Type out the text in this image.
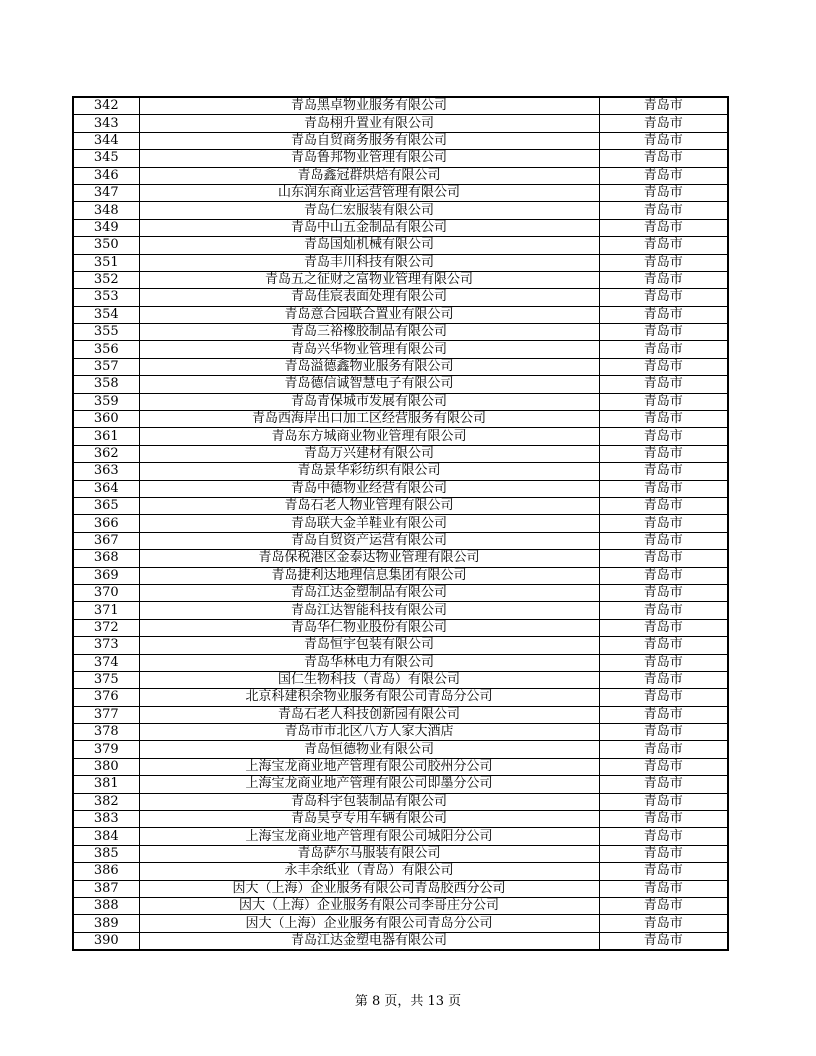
342	青岛黑卓物业服务有限公司	青岛市
343	青岛栩升置业有限公司	青岛市
344	青岛自贸商务服务有限公司	青岛市
345	青岛鲁邦物业管理有限公司	青岛市
346	青岛鑫冠群烘焙有限公司	青岛市
347	山东润东商业运营管理有限公司	青岛市
348	青岛仁宏服装有限公司	青岛市
349	青岛中山五金制品有限公司	青岛市
350	青岛国灿机械有限公司	青岛市
351	青岛丰川科技有限公司	青岛市
352	青岛五之征财之富物业管理有限公司	青岛市
353	青岛佳宸表面处理有限公司	青岛市
354	青岛意合园联合置业有限公司	青岛市
355	青岛三裕橡胶制品有限公司	青岛市
356	青岛兴华物业管理有限公司	青岛市
357	青岛溢德鑫物业服务有限公司	青岛市
358	青岛德信诚智慧电子有限公司	青岛市
359	青岛青保城市发展有限公司	青岛市
360	青岛西海岸出口加工区经营服务有限公司	青岛市
361	青岛东方城商业物业管理有限公司	青岛市
362	青岛万兴建材有限公司	青岛市
363	青岛景华彩纺织有限公司	青岛市
364	青岛中德物业经营有限公司	青岛市
365	青岛石老人物业管理有限公司	青岛市
366	青岛联大金羊鞋业有限公司	青岛市
367	青岛自贸资产运营有限公司	青岛市
368	青岛保税港区金泰达物业管理有限公司	青岛市
369	青岛捷利达地理信息集团有限公司	青岛市
370	青岛江达金塑制品有限公司	青岛市
371	青岛江达智能科技有限公司	青岛市
372	青岛华仁物业股份有限公司	青岛市
373	青岛恒宇包装有限公司	青岛市
374	青岛华林电力有限公司	青岛市
375	国仁生物科技（青岛）有限公司	青岛市
376	北京科建积余物业服务有限公司青岛分公司	青岛市
377	青岛石老人科技创新园有限公司	青岛市
378	青岛市市北区八方人家大酒店	青岛市
379	青岛恒德物业有限公司	青岛市
380	上海宝龙商业地产管理有限公司胶州分公司	青岛市
381	上海宝龙商业地产管理有限公司即墨分公司	青岛市
382	青岛科宇包装制品有限公司	青岛市
383	青岛昊亨专用车辆有限公司	青岛市
384	上海宝龙商业地产管理有限公司城阳分公司	青岛市
385	青岛萨尔马服装有限公司	青岛市
386	永丰余纸业（青岛）有限公司	青岛市
387	因大（上海）企业服务有限公司青岛胶西分公司	青岛市
388	因大（上海）企业服务有限公司李哥庄分公司	青岛市
389	因大（上海）企业服务有限公司青岛分公司	青岛市
390	青岛江达金塑电器有限公司	青岛市
第 8 页，共 13 页
